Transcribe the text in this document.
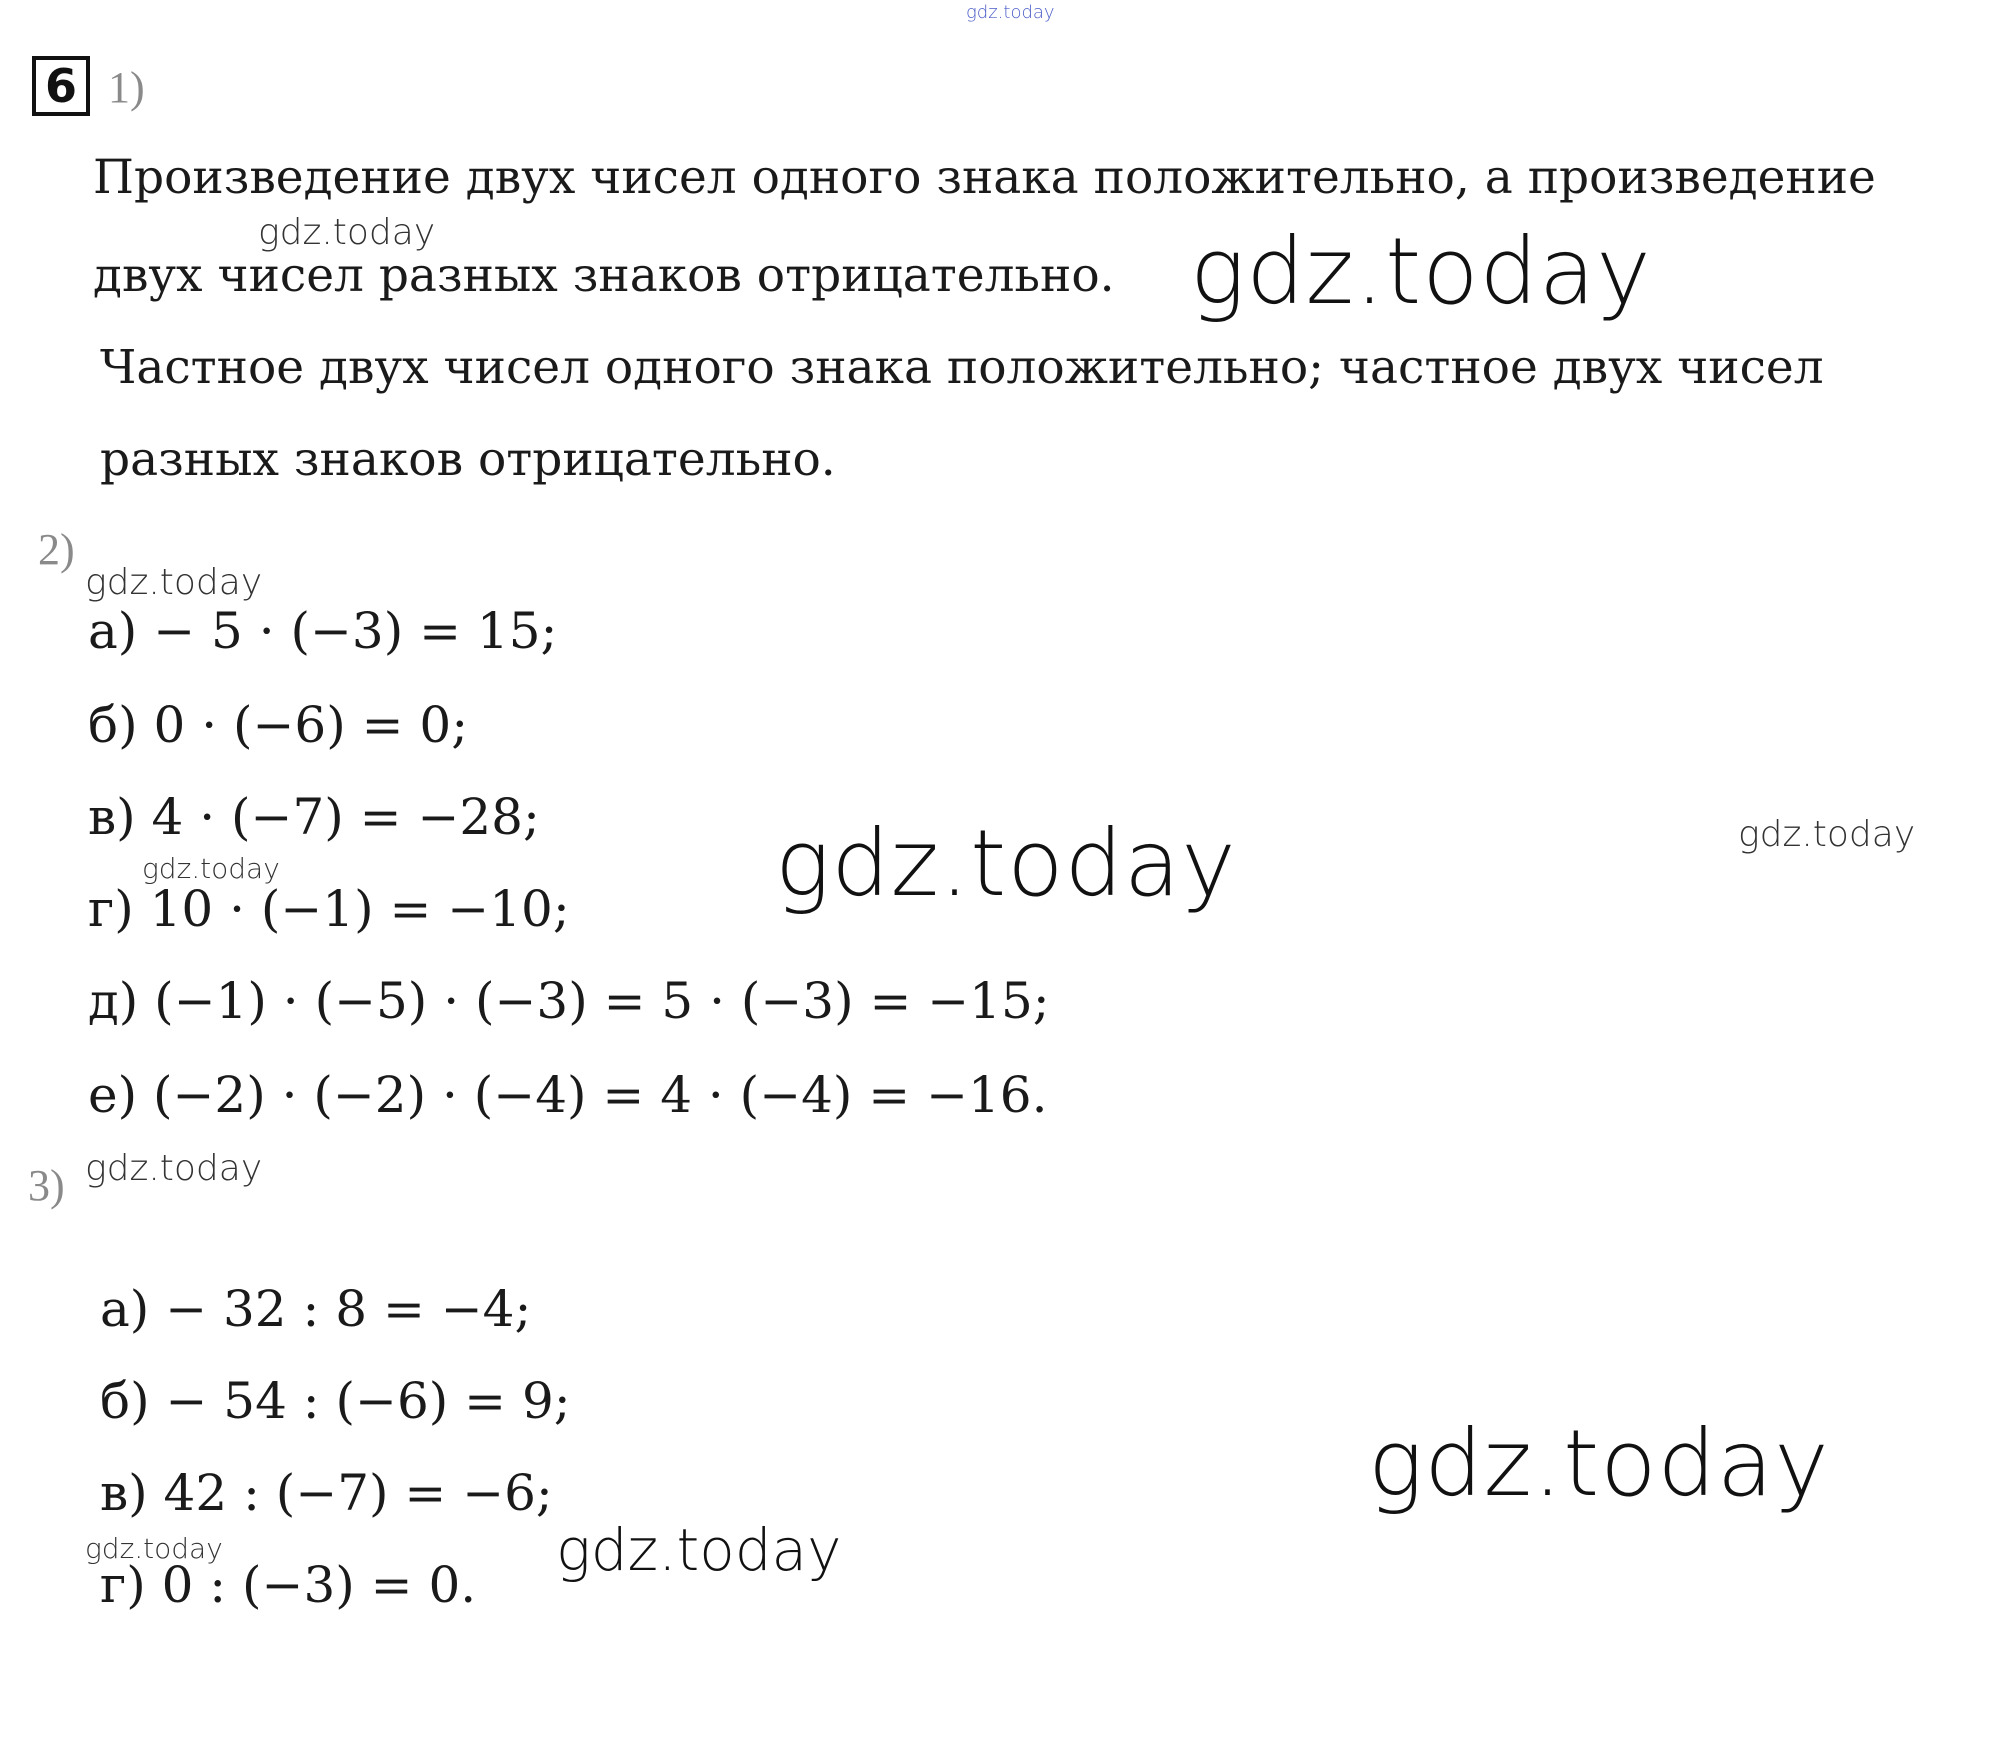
gdz.today
6 1)
Произведение двух чисел одного знака положительно, а произведение
gdz.today
двух чисел разных знаков отрицательно. gdz.today
Частное двух чисел одного знака положительно; частное двух чисел
разных знаков отрицательно.
2)
gdz.today
а) − 5 · (−3) = 15;
б) 0 · (−6) = 0;
в) 4 · (−7) = −28;
gdz.today
г) 10 · (−1) = −10; gdz.today	gdz.today
д) (−1) · (−5) · (−3) = 5 · (−3) = −15;
е) (−2) · (−2) · (−4) = 4 · (−4) = −16.
3) gdz.today
а) − 32 : 8 = −4;
б) − 54 : (−6) = 9;
gdz.today
в) 42 : (−7) = −6;
gdz.today	gdz.today
г) 0 : (−3) = 0.
